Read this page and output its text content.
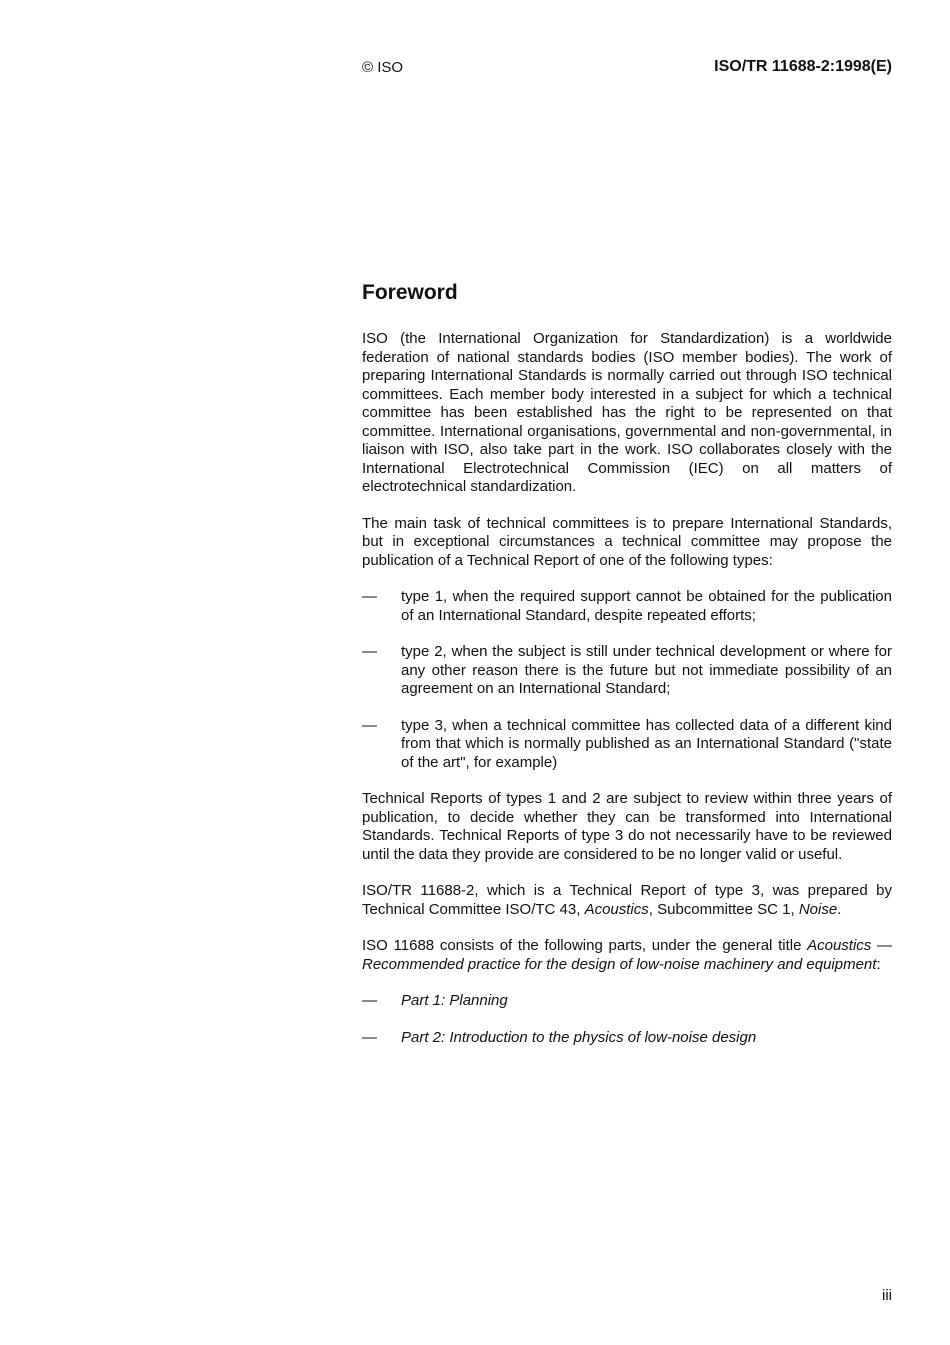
© ISO	ISO/TR 11688-2:1998(E)
Foreword

ISO (the International Organization for Standardization) is a worldwide federation of national standards bodies (ISO member bodies). The work of preparing International Standards is normally carried out through ISO technical committees. Each member body interested in a subject for which a technical committee has been established has the right to be represented on that committee. International organisations, governmental and non-governmental, in liaison with ISO, also take part in the work. ISO collaborates closely with the International Electrotechnical Commission (IEC) on all matters of electrotechnical standardization.

The main task of technical committees is to prepare International Standards, but in exceptional circumstances a technical committee may propose the publication of a Technical Report of one of the following types:

—	type 1, when the required support cannot be obtained for the publication of an International Standard, despite repeated efforts;
—	type 2, when the subject is still under technical development or where for any other reason there is the future but not immediate possibility of an agreement on an International Standard;
—	type 3, when a technical committee has collected data of a different kind from that which is normally published as an International Standard ("state of the art", for example)

Technical Reports of types 1 and 2 are subject to review within three years of publication, to decide whether they can be transformed into International Standards. Technical Reports of type 3 do not necessarily have to be reviewed until the data they provide are considered to be no longer valid or useful.

ISO/TR 11688-2, which is a Technical Report of type 3, was prepared by Technical Committee ISO/TC 43, Acoustics, Subcommittee SC 1, Noise.

ISO 11688 consists of the following parts, under the general title Acoustics — Recommended practice for the design of low-noise machinery and equipment:

—	Part 1: Planning
—	Part 2: Introduction to the physics of low-noise design
iii
